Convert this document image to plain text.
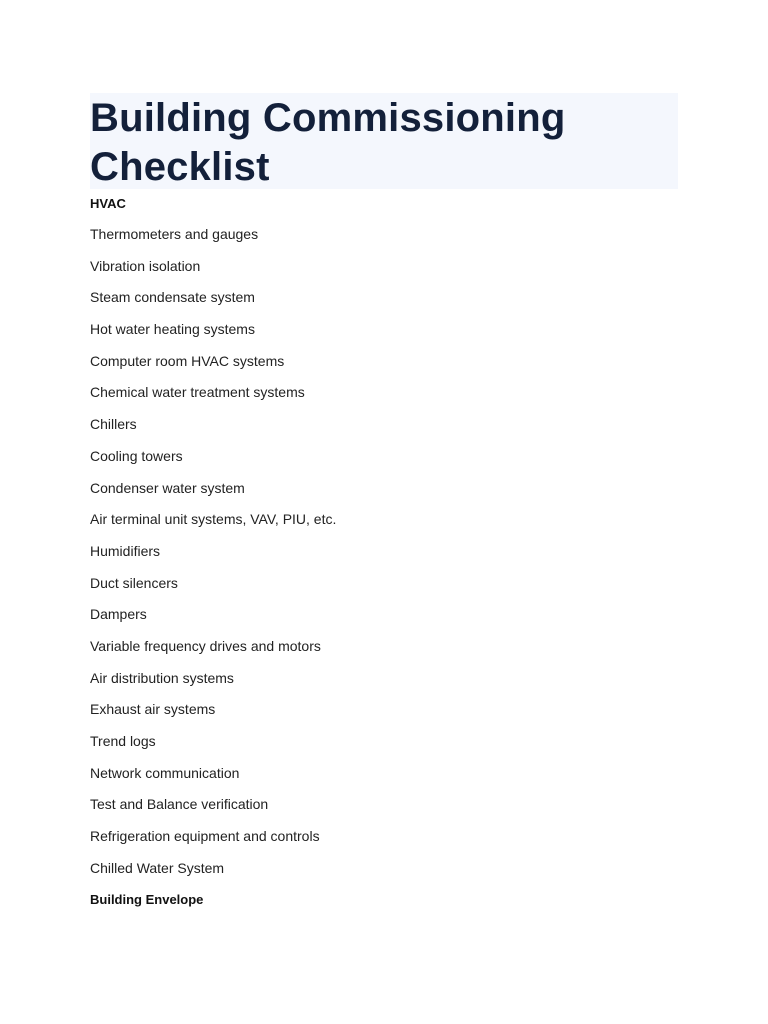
Building Commissioning Checklist
HVAC
Thermometers and gauges
Vibration isolation
Steam condensate system
Hot water heating systems
Computer room HVAC systems
Chemical water treatment systems
Chillers
Cooling towers
Condenser water system
Air terminal unit systems, VAV, PIU, etc.
Humidifiers
Duct silencers
Dampers
Variable frequency drives and motors
Air distribution systems
Exhaust air systems
Trend logs
Network communication
Test and Balance verification
Refrigeration equipment and controls
Chilled Water System
Building Envelope
